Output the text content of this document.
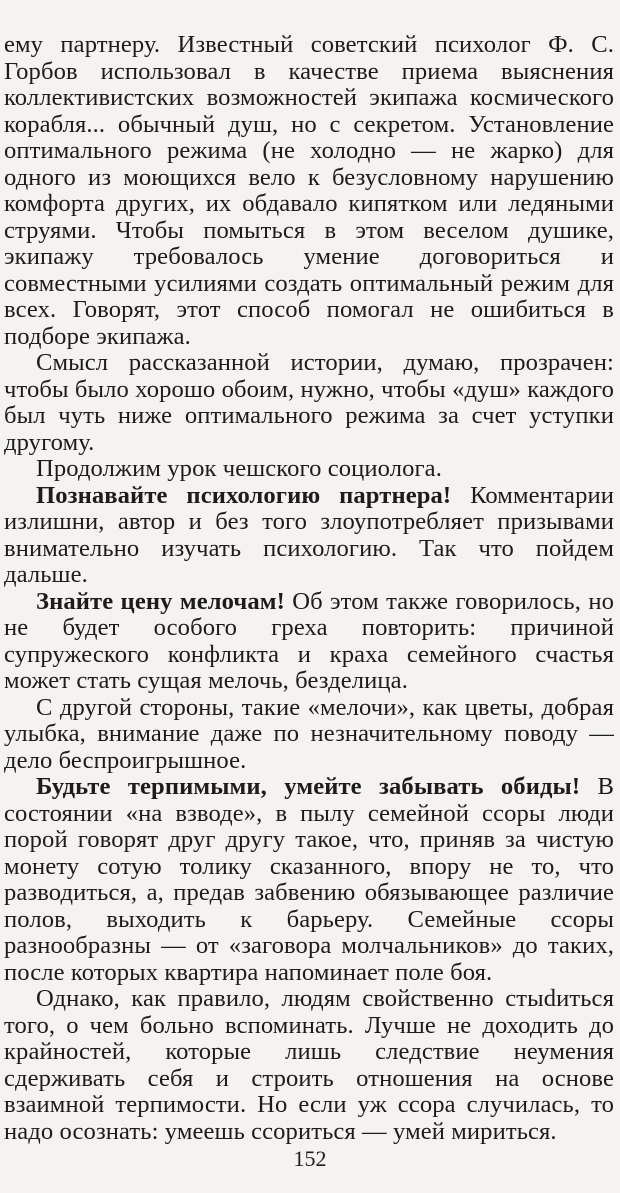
ему партнеру. Известный советский психолог Ф. С. Горбов использовал в качестве приема выяснения коллективистских возможностей экипажа космического корабля... обычный душ, но с секретом. Установление оптимального режима (не холодно — не жарко) для одного из моющихся вело к безусловному нарушению комфорта других, их обдавало кипятком или ледяными струями. Чтобы помыться в этом веселом душике, экипажу требовалось умение договориться и совместными усилиями создать оптимальный режим для всех. Говорят, этот способ помогал не ошибиться в подборе экипажа.

Смысл рассказанной истории, думаю, прозрачен: чтобы было хорошо обоим, нужно, чтобы «душ» каждого был чуть ниже оптимального режима за счет уступки другому.

Продолжим урок чешского социолога.

Познавайте психологию партнера! Комментарии излишни, автор и без того злоупотребляет призывами внимательно изучать психологию. Так что пойдем дальше.

Знайте цену мелочам! Об этом также говорилось, но не будет особого греха повторить: причиной супружеского конфликта и краха семейного счастья может стать сущая мелочь, безделица.

С другой стороны, такие «мелочи», как цветы, добрая улыбка, внимание даже по незначительному поводу — дело беспроигрышное.

Будьте терпимыми, умейте забывать обиды! В состоянии «на взводе», в пылу семейной ссоры люди порой говорят друг другу такое, что, приняв за чистую монету сотую толику сказанного, впору не то, что разводиться, а, предав забвению обязывающее различие полов, выходить к барьеру. Семейные ссоры разнообразны — от «заговора молчальников» до таких, после которых квартира напоминает поле боя.

Однако, как правило, людям свойственно стыdиться того, о чем больно вспоминать. Лучше не доходить до крайностей, которые лишь следствие неумения сдерживать себя и строить отношения на основе взаимной терпимости. Но если уж ссора случилась, то надо осознать: умеешь ссориться — умей мириться.

152
